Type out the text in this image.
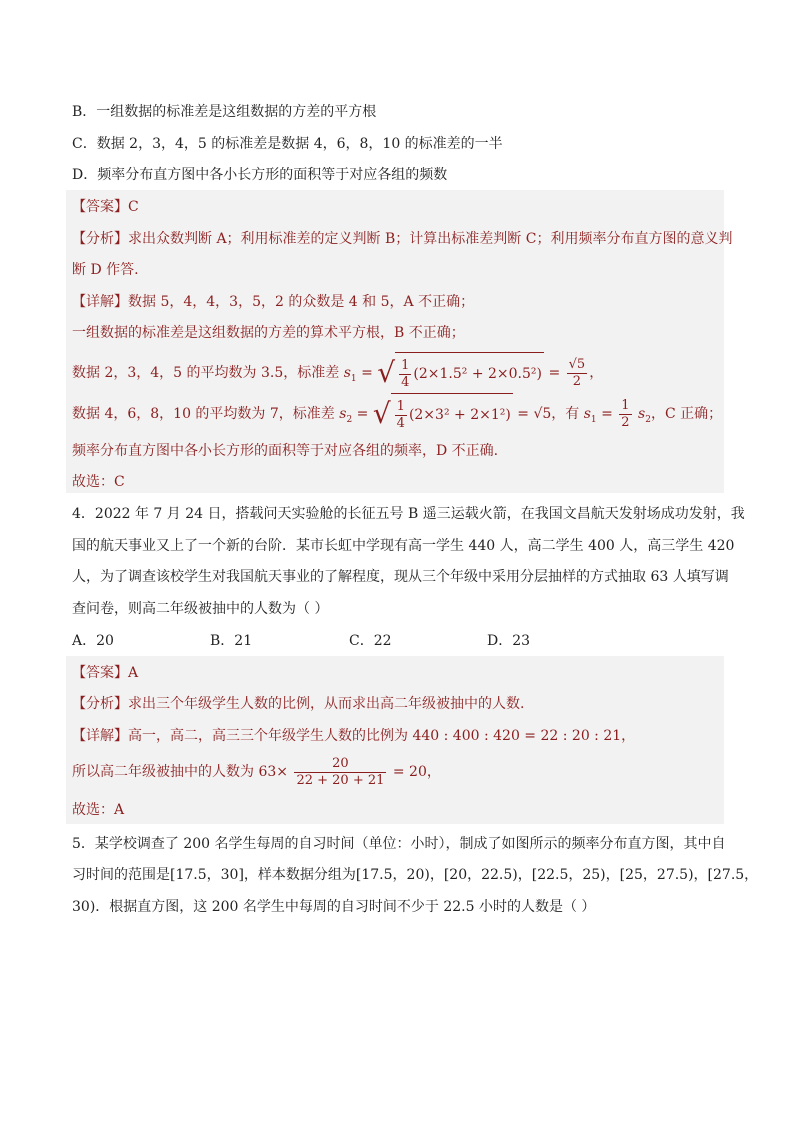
B．一组数据的标准差是这组数据的方差的平方根
C．数据 2，3，4，5 的标准差是数据 4，6，8，10 的标准差的一半
D．频率分布直方图中各小长方形的面积等于对应各组的频数
【答案】C
【分析】求出众数判断 A；利用标准差的定义判断 B；计算出标准差判断 C；利用频率分布直方图的意义判
断 D 作答.
【详解】数据 5，4，4，3，5，2 的众数是 4 和 5，A 不正确；
一组数据的标准差是这组数据的方差的算术平方根，B 不正确；
数据 2，3，4，5 的平均数为 3.5，标准差 $s_1$ = √ $\frac{1}{4} (2\times 1.5^2 + 2\times 0.5^2) = \frac{√5}{2}$ ，
数据 4，6，8，10 的平均数为 7，标准差 $s_2$ = √ $\frac{1}{4} (2\times 3^2 + 2\times 1^2) = √5$，有 $s_1 = \frac{1}{2} s_2$，C 正确；
频率分布直方图中各小长方形的面积等于对应各组的频率，D 不正确.
故选：C
4．2022 年 7 月 24 日，搭载问天实验舱的长征五号 B 遥三运载火箭，在我国文昌航天发射场成功发射，我
国的航天事业又上了一个新的台阶．某市长虹中学现有高一学生 440 人，高二学生 400 人，高三学生 420
人，为了调查该校学生对我国航天事业的了解程度，现从三个年级中采用分层抽样的方式抽取 63 人填写调
查问卷，则高二年级被抽中的人数为（ ）
A．20	B．21	C．22	D．23
【答案】A
【分析】求出三个年级学生人数的比例，从而求出高二年级被抽中的人数.
【详解】高一，高二，高三三个年级学生人数的比例为 440 : 400 : 420 = 22 : 20 : 21，
所以高二年级被抽中的人数为 $63\times \frac{20}{22 + 20 + 21} = 20$，
故选：A
5．某学校调查了 200 名学生每周的自习时间（单位：小时），制成了如图所示的频率分布直方图，其中自
习时间的范围是[17.5，30]，样本数据分组为[17.5，20)，[20，22.5)，[22.5，25)，[25，27.5)，[27.5，
30)．根据直方图，这 200 名学生中每周的自习时间不少于 22.5 小时的人数是（ ）
